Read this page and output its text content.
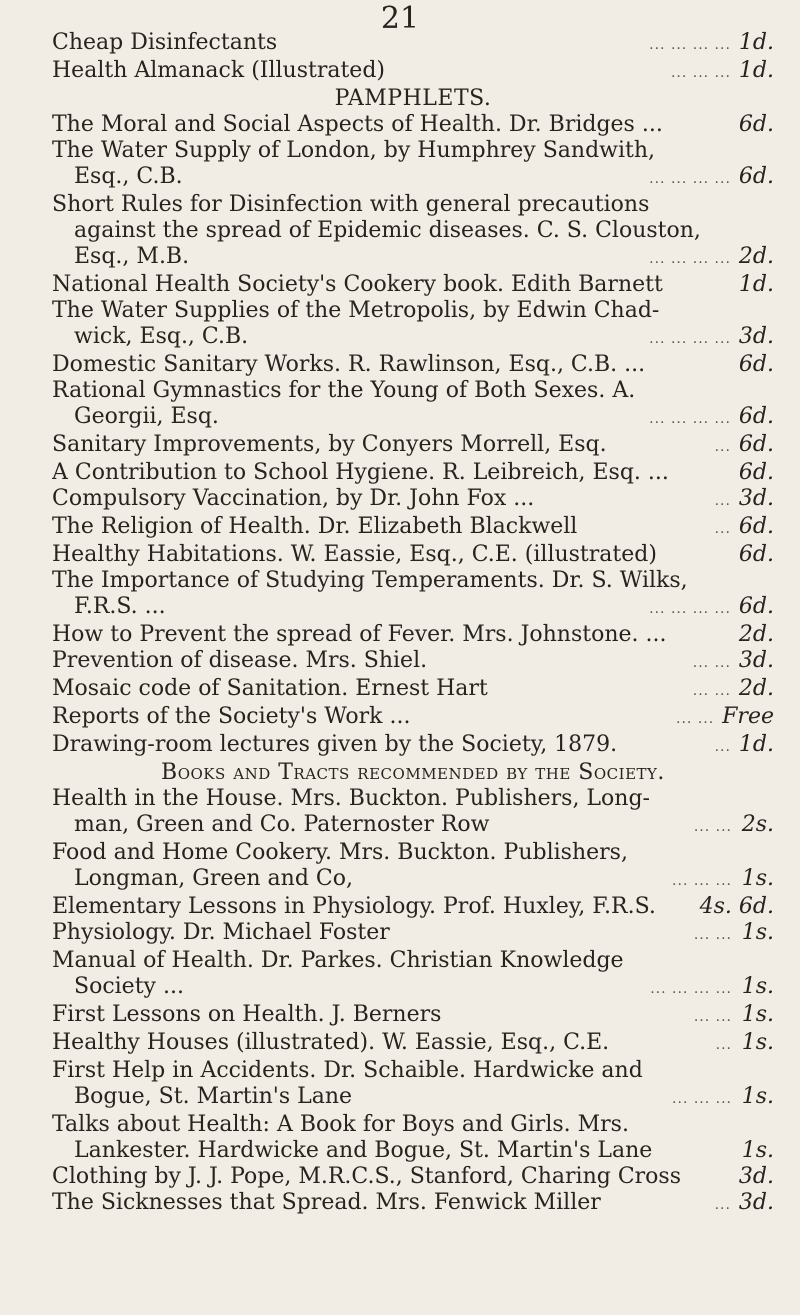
21
Cheap Disinfectants	... ... ... ... 1d.
Health Almanack (Illustrated)	... ... ... 1d.
PAMPHLETS.
The Moral and Social Aspects of Health. Dr. Bridges ...	6d.
The Water Supply of London, by Humphrey Sandwith,
Esq., C.B.	... ... ... ... 6d.
Short Rules for Disinfection with general precautions
against the spread of Epidemic diseases. C. S. Clouston,
Esq., M.B.	... ... ... ... 2d.
National Health Society's Cookery book. Edith Barnett	1d.
The Water Supplies of the Metropolis, by Edwin Chad-
wick, Esq., C.B.	... ... ... ... 3d.
Domestic Sanitary Works. R. Rawlinson, Esq., C.B. ...	6d.
Rational Gymnastics for the Young of Both Sexes. A.
Georgii, Esq.	... ... ... ... 6d.
Sanitary Improvements, by Conyers Morrell, Esq.	... 6d.
A Contribution to School Hygiene. R. Leibreich, Esq. ...	6d.
Compulsory Vaccination, by Dr. John Fox ...	... 3d.
The Religion of Health. Dr. Elizabeth Blackwell	... 6d.
Healthy Habitations. W. Eassie, Esq., C.E. (illustrated)	6d.
The Importance of Studying Temperaments. Dr. S. Wilks,
F.R.S. ...	... ... ... ... 6d.
How to Prevent the spread of Fever. Mrs. Johnstone. ...	2d.
Prevention of disease. Mrs. Shiel.	... ... 3d.
Mosaic code of Sanitation. Ernest Hart	... ... 2d.
Reports of the Society's Work ...	... ... Free
Drawing-room lectures given by the Society, 1879.	... 1d.
Books and Tracts recommended by the Society.
Health in the House. Mrs. Buckton. Publishers, Long-
man, Green and Co. Paternoster Row	... ... 2s.
Food and Home Cookery. Mrs. Buckton. Publishers,
Longman, Green and Co,	... ... ... 1s.
Elementary Lessons in Physiology. Prof. Huxley, F.R.S.	4s. 6d.
Physiology. Dr. Michael Foster	... ... 1s.
Manual of Health. Dr. Parkes. Christian Knowledge
Society ...	... ... ... ... 1s.
First Lessons on Health. J. Berners	... ... 1s.
Healthy Houses (illustrated). W. Eassie, Esq., C.E.	... 1s.
First Help in Accidents. Dr. Schaible. Hardwicke and
Bogue, St. Martin's Lane	... ... ... 1s.
Talks about Health: A Book for Boys and Girls. Mrs.
Lankester. Hardwicke and Bogue, St. Martin's Lane	1s.
Clothing by J. J. Pope, M.R.C.S., Stanford, Charing Cross	3d.
The Sicknesses that Spread. Mrs. Fenwick Miller	... 3d.
